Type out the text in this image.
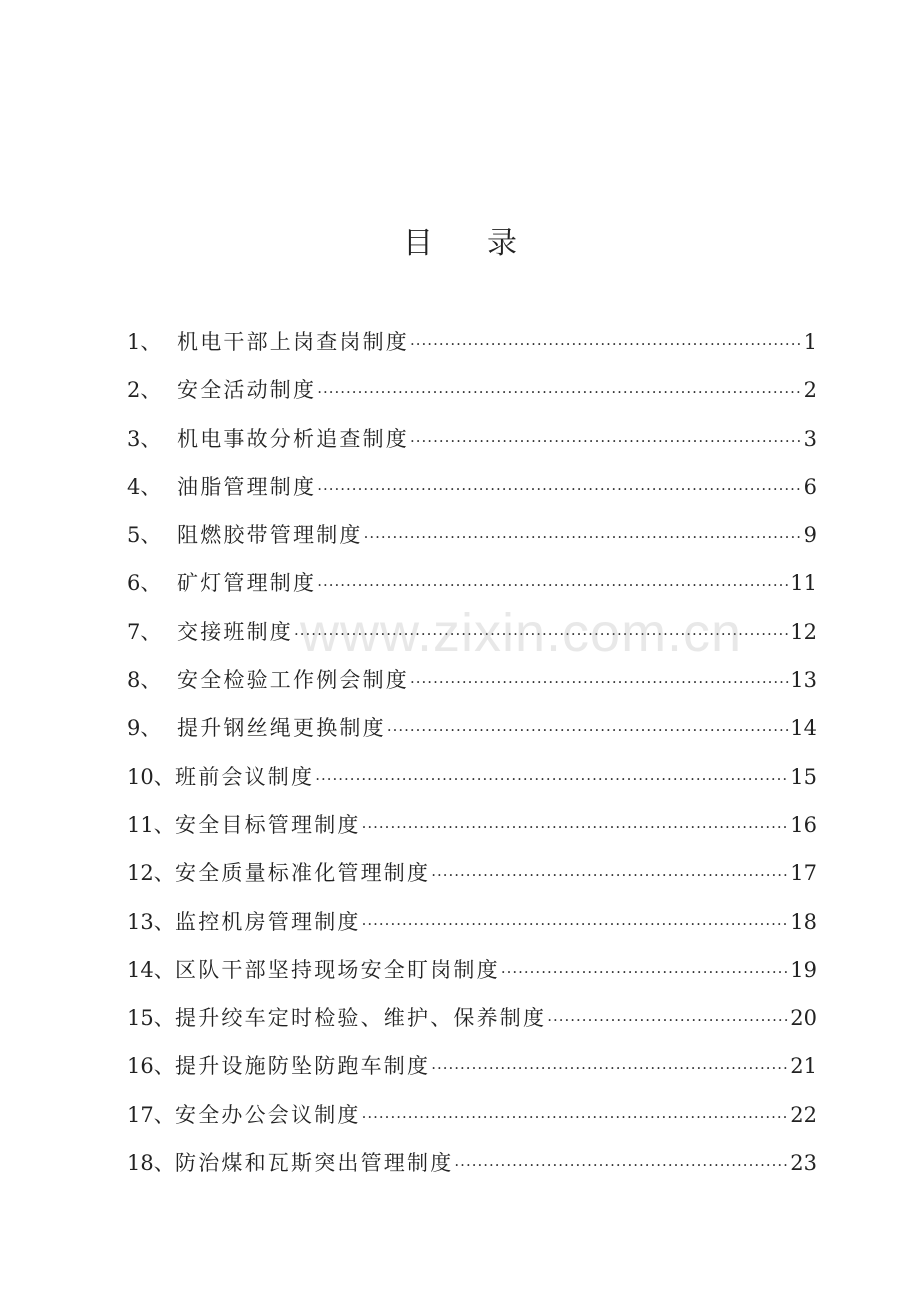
目 录
1、 机电干部上岗查岗制度 ·····	1
2、 安全活动制度 ·····	2
3、 机电事故分析追查制度 ·····	3
4、 油脂管理制度 ·····	6
5、 阻燃胶带管理制度 ·····	9
6、 矿灯管理制度 ·····	11
7、 交接班制度 ·····	12
8、 安全检验工作例会制度 ·····	13
9、 提升钢丝绳更换制度 ·····	14
10、 班前会议制度 ·····	15
11、 安全目标管理制度 ·····	16
12、 安全质量标准化管理制度 ·····	17
13、 监控机房管理制度 ·····	18
14、 区队干部坚持现场安全盯岗制度 ·····	19
15、 提升绞车定时检验、维护、保养制度 ·····	20
16、 提升设施防坠防跑车制度 ·····	21
17、 安全办公会议制度 ·····	22
18、 防治煤和瓦斯突出管理制度 ·····	23
www.zixin.com.cn
